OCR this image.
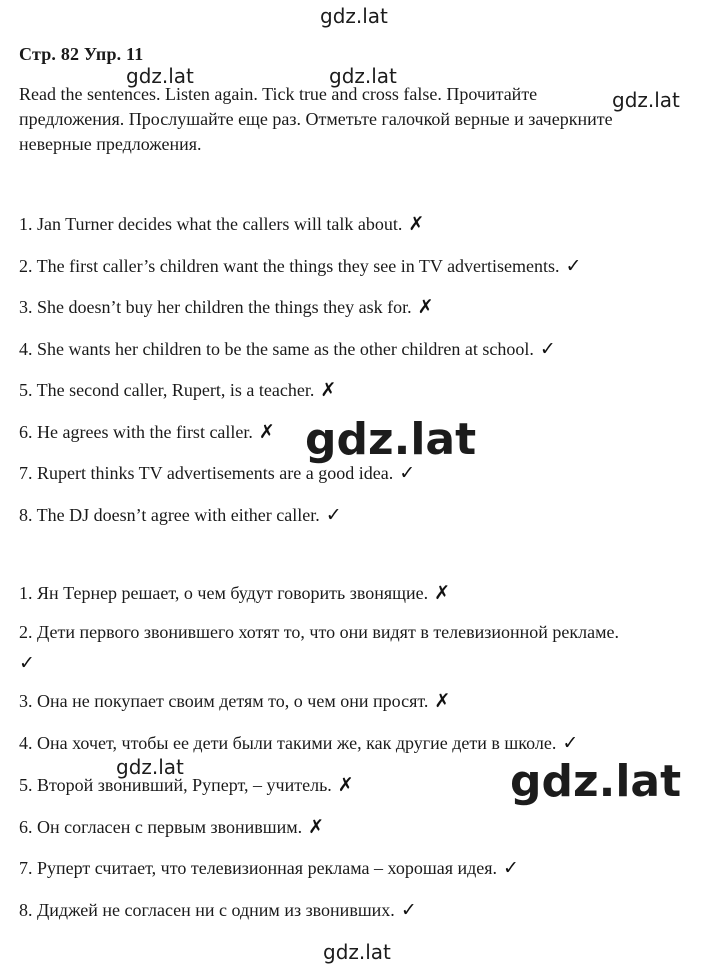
Стр. 82 Упр. 11
Read the sentences. Listen again. Tick true and cross false. Прочитайте предложения. Прослушайте еще раз. Отметьте галочкой верные и зачеркните неверные предложения.
1. Jan Turner decides what the callers will talk about. ✗
2. The first caller’s children want the things they see in TV advertisements. ✓
3. She doesn’t buy her children the things they ask for. ✗
4. She wants her children to be the same as the other children at school. ✓
5. The second caller, Rupert, is a teacher. ✗
6. He agrees with the first caller. ✗
7. Rupert thinks TV advertisements are a good idea. ✓
8. The DJ doesn’t agree with either caller. ✓
1. Ян Тернер решает, о чем будут говорить звонящие. ✗
2. Дети первого звонившего хотят то, что они видят в телевизионной рекламе.
✓
3. Она не покупает своим детям то, о чем они просят. ✗
4. Она хочет, чтобы ее дети были такими же, как другие дети в школе. ✓
5. Второй звонивший, Руперт, – учитель. ✗
6. Он согласен с первым звонившим. ✗
7. Руперт считает, что телевизионная реклама – хорошая идея. ✓
8. Диджей не согласен ни с одним из звонивших. ✓
gdz.lat
gdz.lat	gdz.lat
gdz.lat
gdz.lat
gdz.lat	gdz.lat
gdz.lat
